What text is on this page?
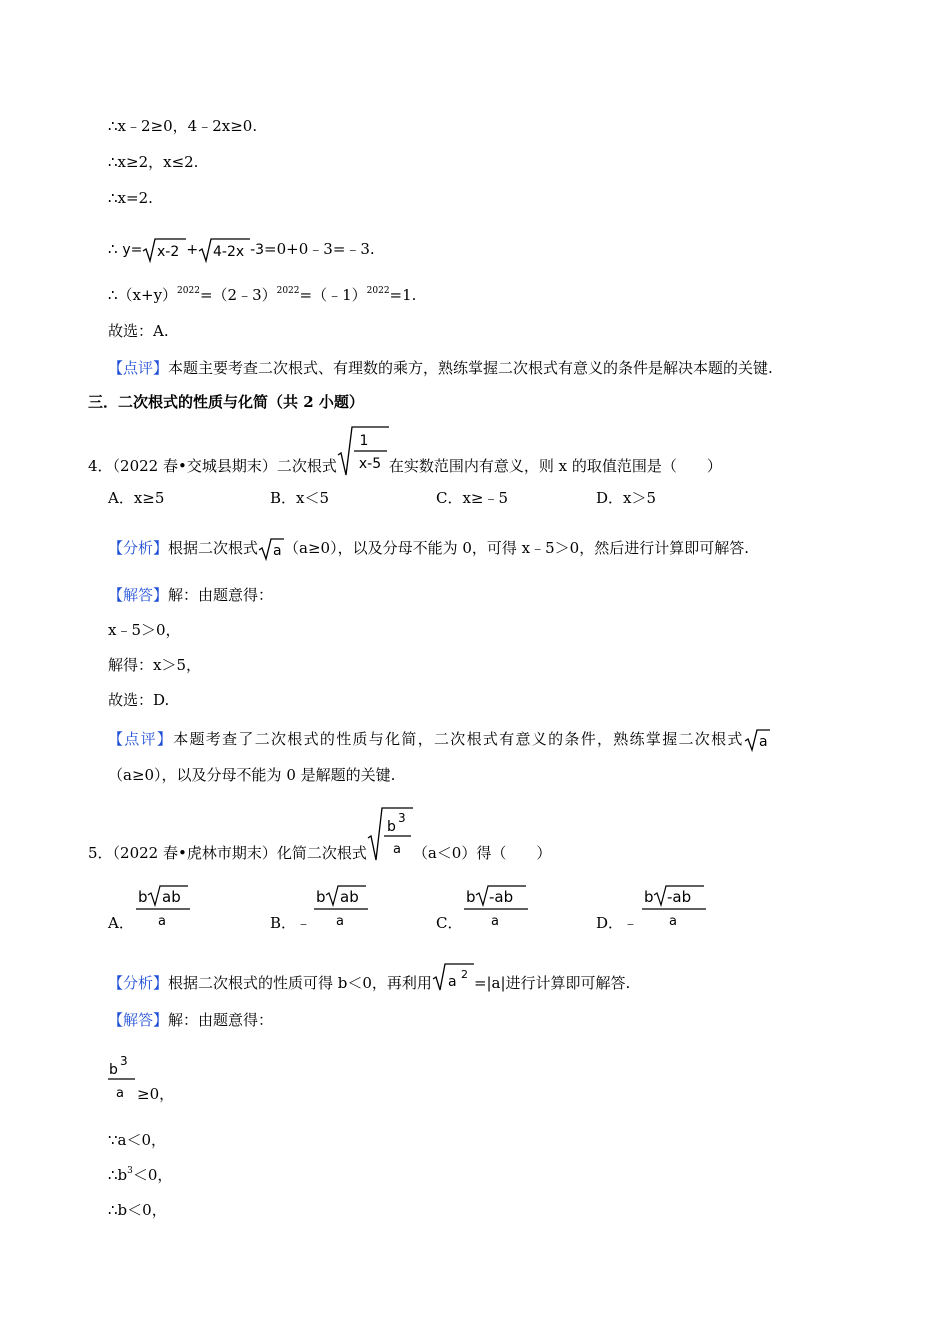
∴x﹣2≥0，4﹣2x≥0.
∴x≥2，x≤2.
∴x=2.
∴ y= x-2 + 4-2x -3=0+0﹣3=﹣3.
$\therefore(x+y)^{2022}=(2﹣3)^{2022}=(﹣1)^{2022}=1$.
故选：A.
【点评】本题主要考查二次根式、有理数的乘方，熟练掌握二次根式有意义的条件是解决本题的关键.
三．二次根式的性质与化简（共 2 小题）
4．（2022 春•交城县期末）二次根式
1
x-5 在实数范围内有意义，则 x 的取值范围是（　　）
A．x≥5	B．x＜5	C．x≥﹣5	D．x＞5
【分析】根据二次根式 a （a≥0），以及分母不能为 0，可得 x﹣5＞0，然后进行计算即可解答.
【解答】解：由题意得：
x﹣5＞0，
解得：x＞5，
故选：D.
【点评】本题考查了二次根式的性质与化简，二次根式有意义的条件，熟练掌握二次根式 a
（a≥0），以及分母不能为 0 是解题的关键.
5．（2022 春•虎林市期末）化简二次根式
b
3
a （a＜0）得（　　）
A．
b ab
a	B．﹣
b ab
a	C．
b -ab
a	D．﹣
b -ab
a
【分析】根据二次根式的性质可得 b＜0，再利用 a 2 =|a|进行计算即可解答.
【解答】解：由题意得：
b
3
a ≥0，
∵a＜0，
$\therefore b^3<0$，
∴b＜0，
